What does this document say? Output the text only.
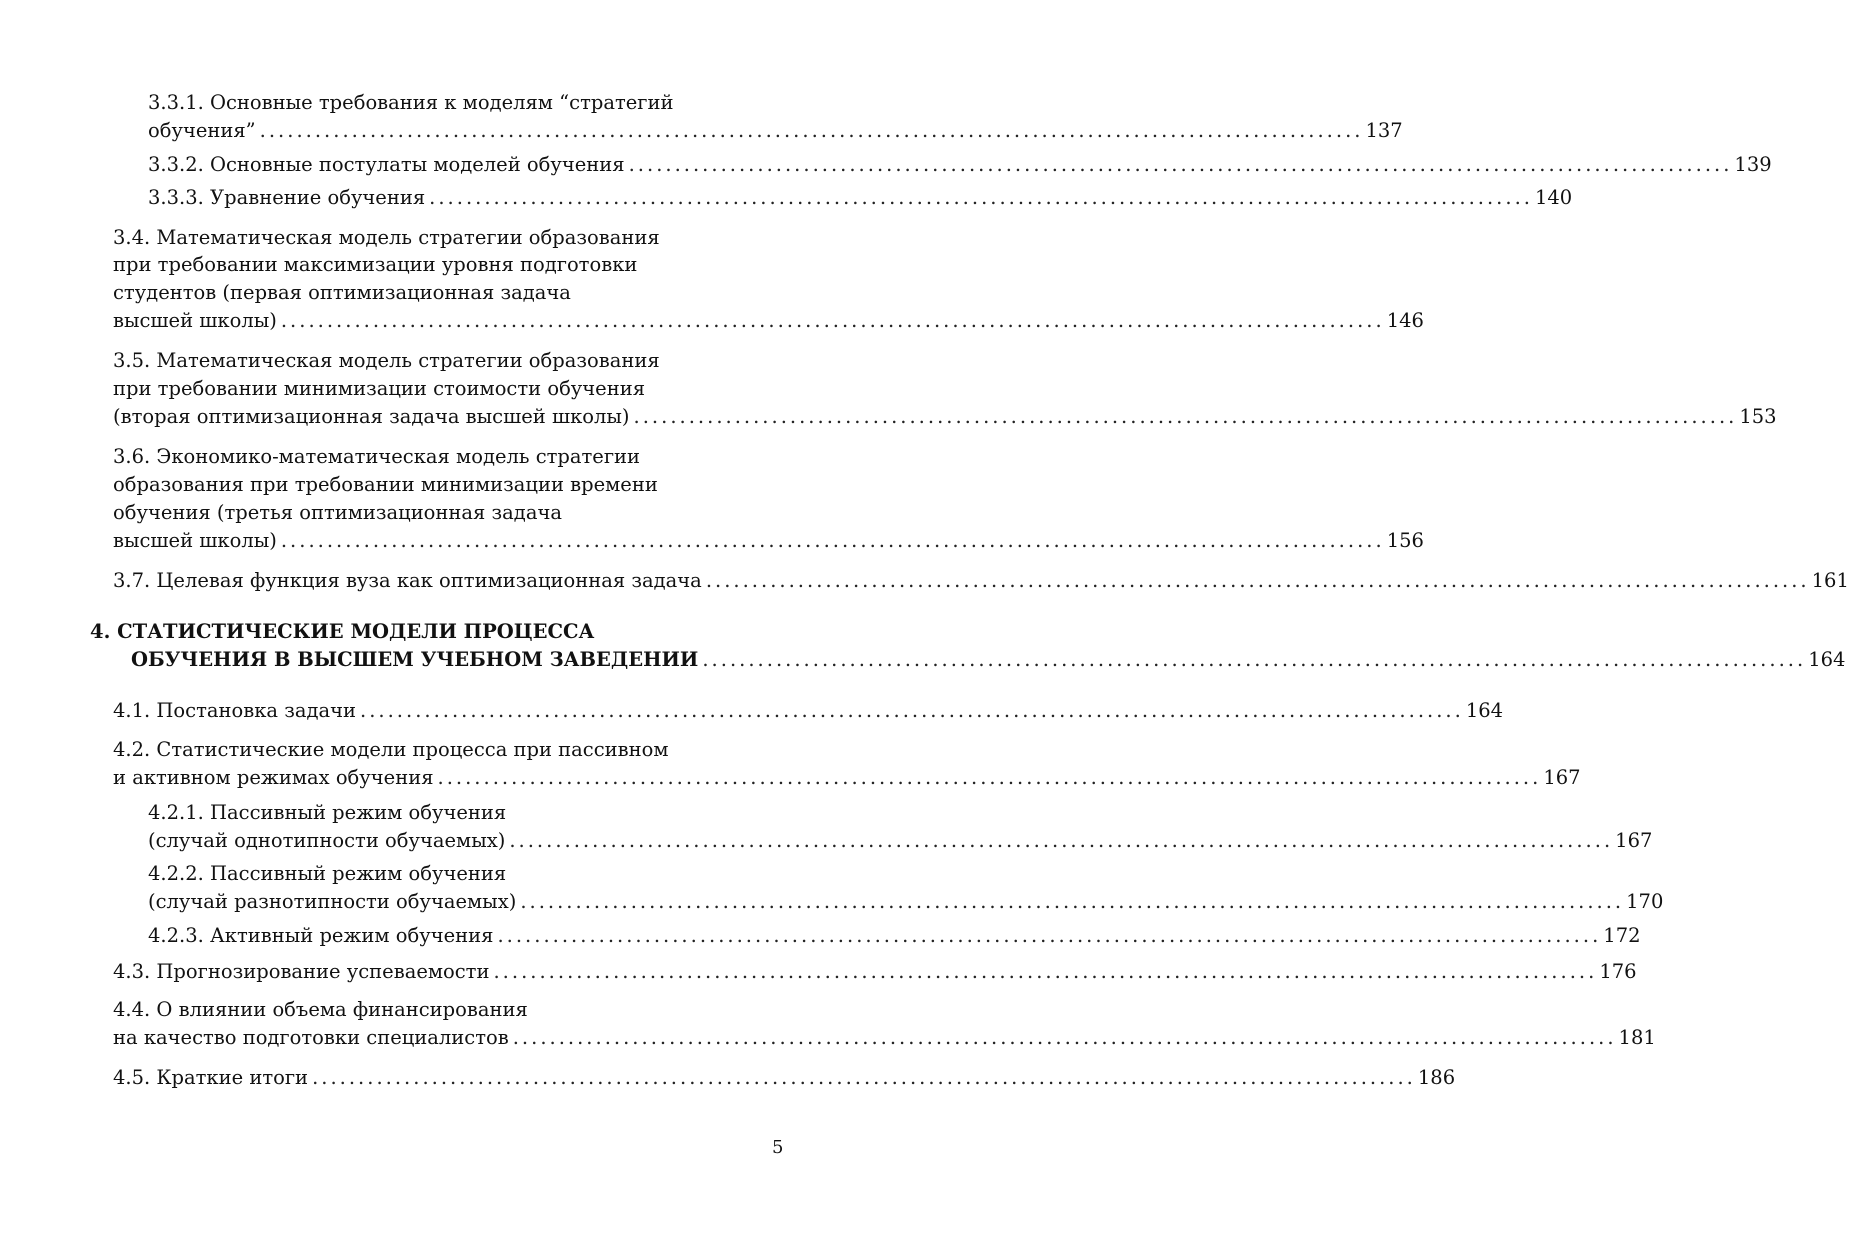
3.3.1. Основные требования к моделям “стратегий
обучения” ........................................................................................................................ 137
3.3.2. Основные постулаты моделей обучения ........................................................................................................................ 139
3.3.3. Уравнение обучения ........................................................................................................................ 140
3.4. Математическая модель стратегии образования
при требовании максимизации уровня подготовки
студентов (первая оптимизационная задача
высшей школы) ........................................................................................................................ 146
3.5. Математическая модель стратегии образования
при требовании минимизации стоимости обучения
(вторая оптимизационная задача высшей школы) ........................................................................................................................ 153
3.6. Экономико-математическая модель стратегии
образования при требовании минимизации времени
обучения (третья оптимизационная задача
высшей школы) ........................................................................................................................ 156
3.7. Целевая функция вуза как оптимизационная задача ........................................................................................................................ 161
4. СТАТИСТИЧЕСКИЕ МОДЕЛИ ПРОЦЕССА
ОБУЧЕНИЯ В ВЫСШЕМ УЧЕБНОМ ЗАВЕДЕНИИ ........................................................................................................................ 164
4.1. Постановка задачи ........................................................................................................................ 164
4.2. Статистические модели процесса при пассивном
и активном режимах обучения ........................................................................................................................ 167
4.2.1. Пассивный режим обучения
(случай однотипности обучаемых) ........................................................................................................................ 167
4.2.2. Пассивный режим обучения
(случай разнотипности обучаемых) ........................................................................................................................ 170
4.2.3. Активный режим обучения ........................................................................................................................ 172
4.3. Прогнозирование успеваемости ........................................................................................................................ 176
4.4. О влиянии объема финансирования
на качество подготовки специалистов ........................................................................................................................ 181
4.5. Краткие итоги ........................................................................................................................ 186
5
